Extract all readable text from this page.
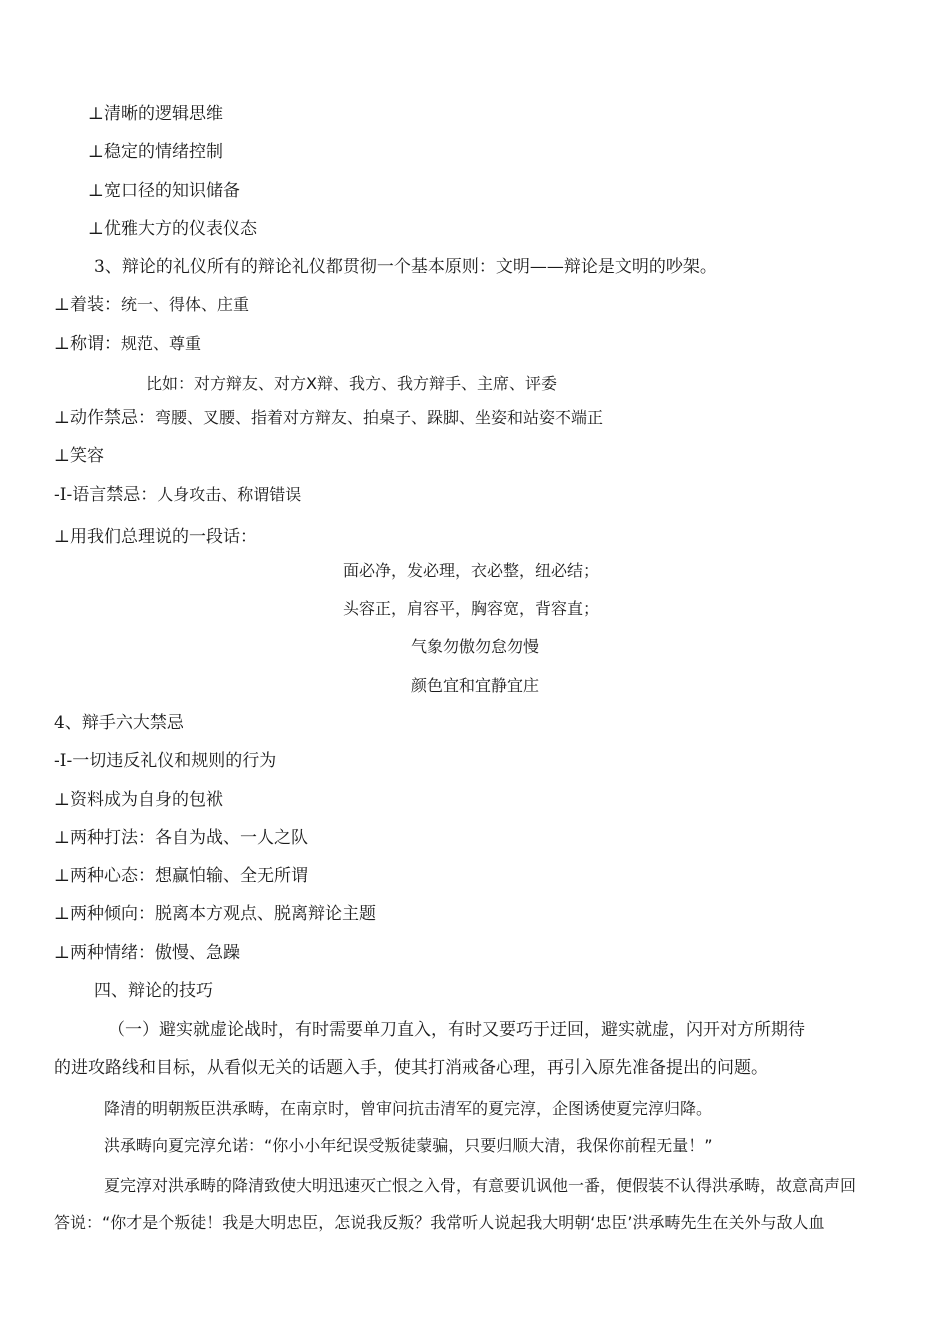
⊥清晰的逻辑思维
⊥稳定的情绪控制
⊥宽口径的知识储备
⊥优雅大方的仪表仪态
3、辩论的礼仪所有的辩论礼仪都贯彻一个基本原则：文明——辩论是文明的吵架。
⊥着装：统一、得体、庄重
⊥称谓：规范、尊重
比如：对方辩友、对方X辩、我方、我方辩手、主席、评委
⊥动作禁忌：弯腰、叉腰、指着对方辩友、拍桌子、跺脚、坐姿和站姿不端正
⊥笑容
-I-语言禁忌：人身攻击、称谓错误
⊥用我们总理说的一段话：
面必净，发必理，衣必整，纽必结；
头容正，肩容平，胸容宽，背容直；
气象勿傲勿怠勿慢
颜色宜和宜静宜庄
4、辩手六大禁忌
-I-一切违反礼仪和规则的行为
⊥资料成为自身的包袱
⊥两种打法：各自为战、一人之队
⊥两种心态：想赢怕输、全无所谓
⊥两种倾向：脱离本方观点、脱离辩论主题
⊥两种情绪：傲慢、急躁
四、辩论的技巧
（一）避实就虚论战时，有时需要单刀直入，有时又要巧于迂回，避实就虚，闪开对方所期待
的进攻路线和目标，从看似无关的话题入手，使其打消戒备心理，再引入原先准备提出的问题。
降清的明朝叛臣洪承畴，在南京时，曾审问抗击清军的夏完淳，企图诱使夏完淳归降。
洪承畴向夏完淳允诺：“你小小年纪误受叛徒蒙骗，只要归顺大清，我保你前程无量！”
夏完淳对洪承畴的降清致使大明迅速灭亡恨之入骨，有意要讥讽他一番，便假装不认得洪承畴，故意高声回
答说：“你才是个叛徒！我是大明忠臣，怎说我反叛？我常听人说起我大明朝‘忠臣’洪承畴先生在关外与敌人血
